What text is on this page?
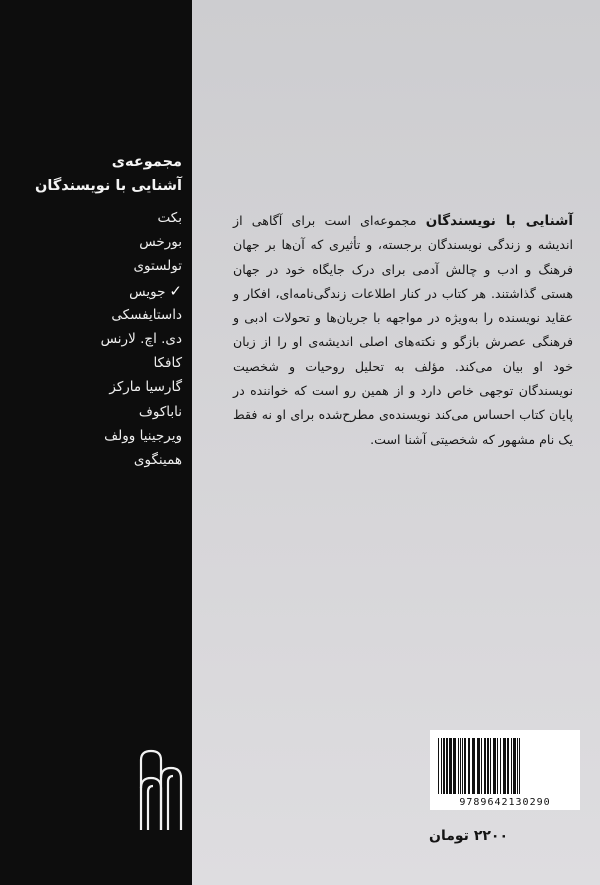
مجموعه‌ی
آشنایی با نویسندگان
بکت
بورخس
تولستوی
✓جویس
داستایفسکی
دی. اچ. لارنس
کافکا
گارسیا مارکز
ناباکوف
ویرجینیا وولف
همینگوی

آشنایی با نویسندگان مجموعه‌ای است برای آگاهی از اندیشه و زندگی نویسندگان برجسته، و تأثیری که آن‌ها بر جهان فرهنگ و ادب و چالش آدمی برای درک جایگاه خود در جهان هستی گذاشتند. هر کتاب در کنار اطلاعات زندگی‌نامه‌ای، افکار و عقاید نویسنده را به‌ویژه در مواجهه با جریان‌ها و تحولات ادبی و فرهنگی عصرش بازگو و نکته‌های اصلی اندیشه‌ی او را از زبان خود او بیان می‌کند. مؤلف به تحلیل روحیات و شخصیت نویسندگان توجهی خاص دارد و از همین رو است که خواننده در پایان کتاب احساس می‌کند نویسنده‌ی مطرح‌شده برای او نه فقط یک نام مشهور که شخصیتی آشنا است.

9789642130290
۲۲۰۰ تومان
